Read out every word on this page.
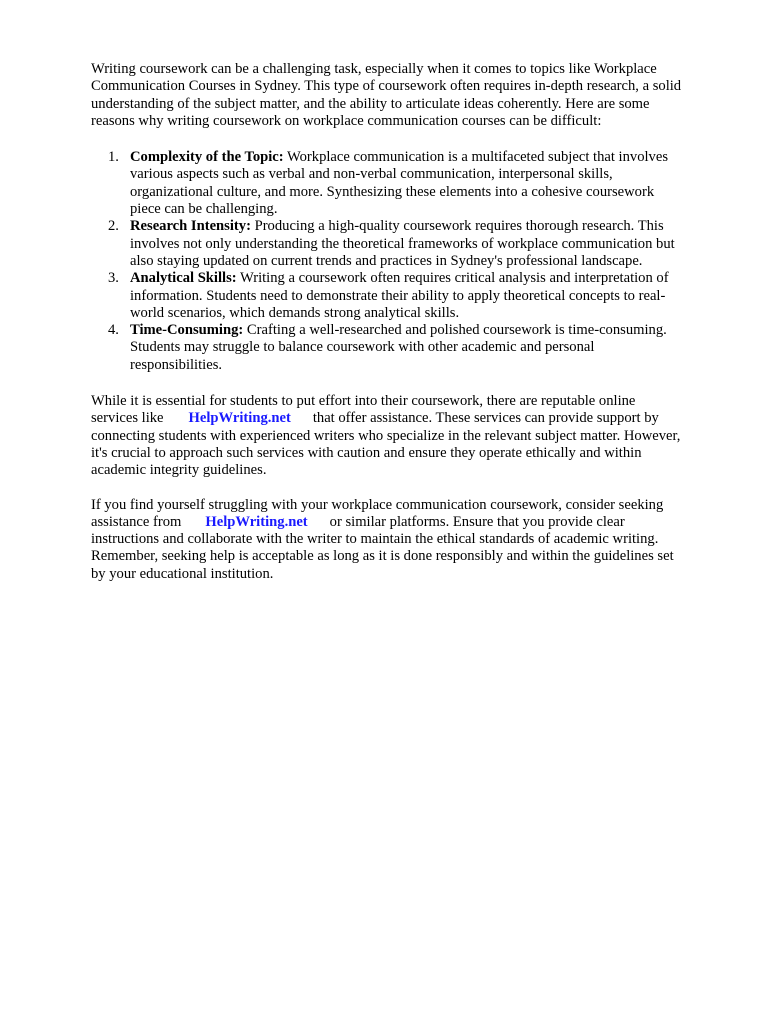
Writing coursework can be a challenging task, especially when it comes to topics like Workplace
Communication Courses in Sydney. This type of coursework often requires in-depth research, a solid
understanding of the subject matter, and the ability to articulate ideas coherently. Here are some
reasons why writing coursework on workplace communication courses can be difficult:

1. Complexity of the Topic: Workplace communication is a multifaceted subject that involves
various aspects such as verbal and non-verbal communication, interpersonal skills,
organizational culture, and more. Synthesizing these elements into a cohesive coursework
piece can be challenging.
2. Research Intensity: Producing a high-quality coursework requires thorough research. This
involves not only understanding the theoretical frameworks of workplace communication but
also staying updated on current trends and practices in Sydney's professional landscape.
3. Analytical Skills: Writing a coursework often requires critical analysis and interpretation of
information. Students need to demonstrate their ability to apply theoretical concepts to real-
world scenarios, which demands strong analytical skills.
4. Time-Consuming: Crafting a well-researched and polished coursework is time-consuming.
Students may struggle to balance coursework with other academic and personal
responsibilities.

While it is essential for students to put effort into their coursework, there are reputable online
services like HelpWriting.net that offer assistance. These services can provide support by
connecting students with experienced writers who specialize in the relevant subject matter. However,
it's crucial to approach such services with caution and ensure they operate ethically and within
academic integrity guidelines.

If you find yourself struggling with your workplace communication coursework, consider seeking
assistance from HelpWriting.net or similar platforms. Ensure that you provide clear
instructions and collaborate with the writer to maintain the ethical standards of academic writing.
Remember, seeking help is acceptable as long as it is done responsibly and within the guidelines set
by your educational institution.
